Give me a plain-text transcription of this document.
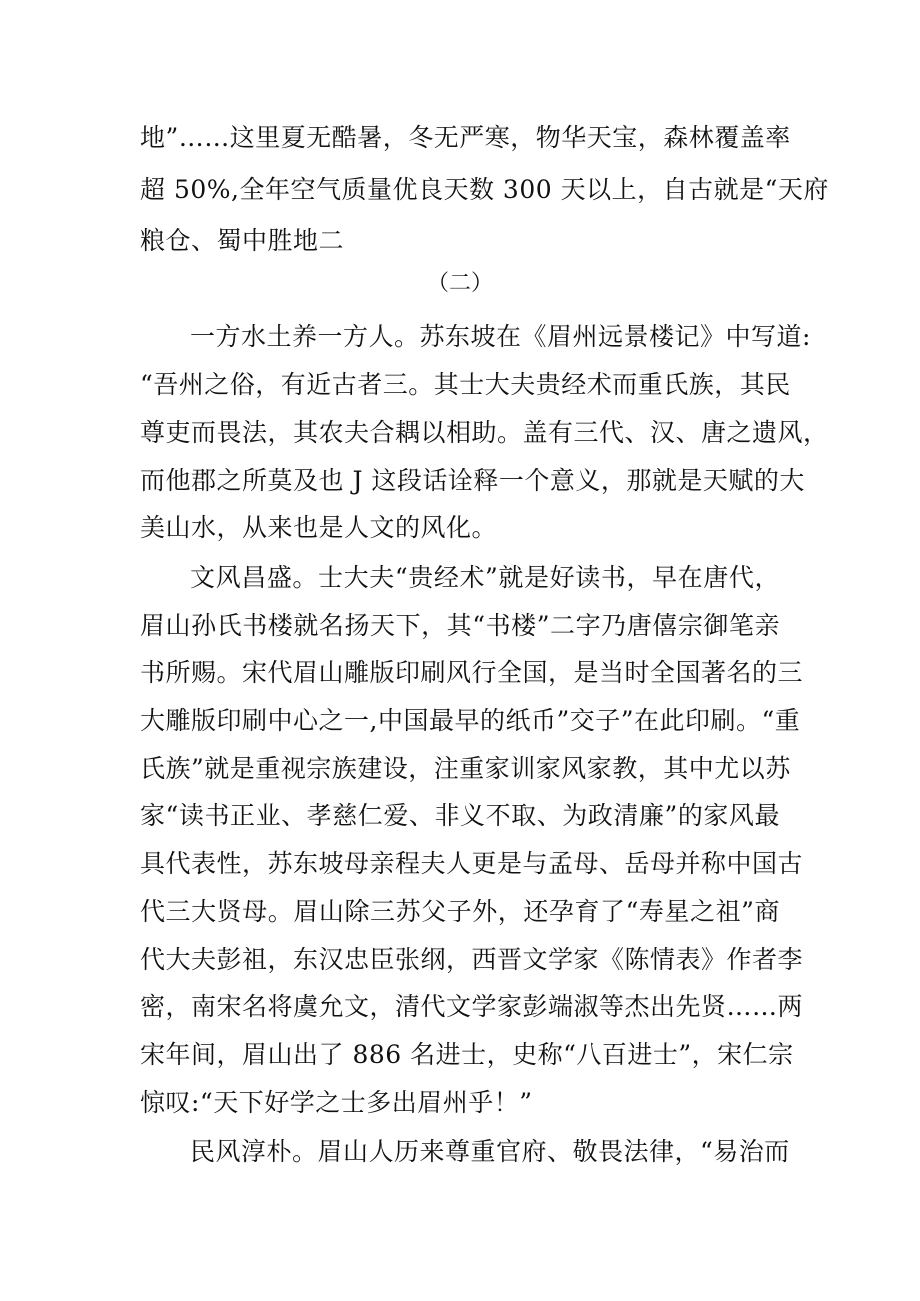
地”……这里夏无酷暑，冬无严寒，物华天宝，森林覆盖率
超 50%,全年空气质量优良天数 300 天以上，自古就是“天府
粮仓、蜀中胜地二
（二）
一方水土养一方人。苏东坡在《眉州远景楼记》中写道:
“吾州之俗，有近古者三。其士大夫贵经术而重氏族，其民
尊吏而畏法，其农夫合耦以相助。盖有三代、汉、唐之遗风，
而他郡之所莫及也 J 这段话诠释一个意义，那就是天赋的大
美山水，从来也是人文的风化。
文风昌盛。士大夫“贵经术”就是好读书，早在唐代，
眉山孙氏书楼就名扬天下，其“书楼”二字乃唐僖宗御笔亲
书所赐。宋代眉山雕版印刷风行全国，是当时全国著名的三
大雕版印刷中心之一,中国最早的纸币”交子”在此印刷。“重
氏族”就是重视宗族建设，注重家训家风家教，其中尤以苏
家“读书正业、孝慈仁爱、非义不取、为政清廉”的家风最
具代表性，苏东坡母亲程夫人更是与孟母、岳母并称中国古
代三大贤母。眉山除三苏父子外，还孕育了“寿星之祖”商
代大夫彭祖，东汉忠臣张纲，西晋文学家《陈情表》作者李
密，南宋名将虞允文，清代文学家彭端淑等杰出先贤……两
宋年间，眉山出了 886 名进士，史称“八百进士”，宋仁宗
惊叹:“天下好学之士多出眉州乎！”
民风淳朴。眉山人历来尊重官府、敬畏法律，“易治而
